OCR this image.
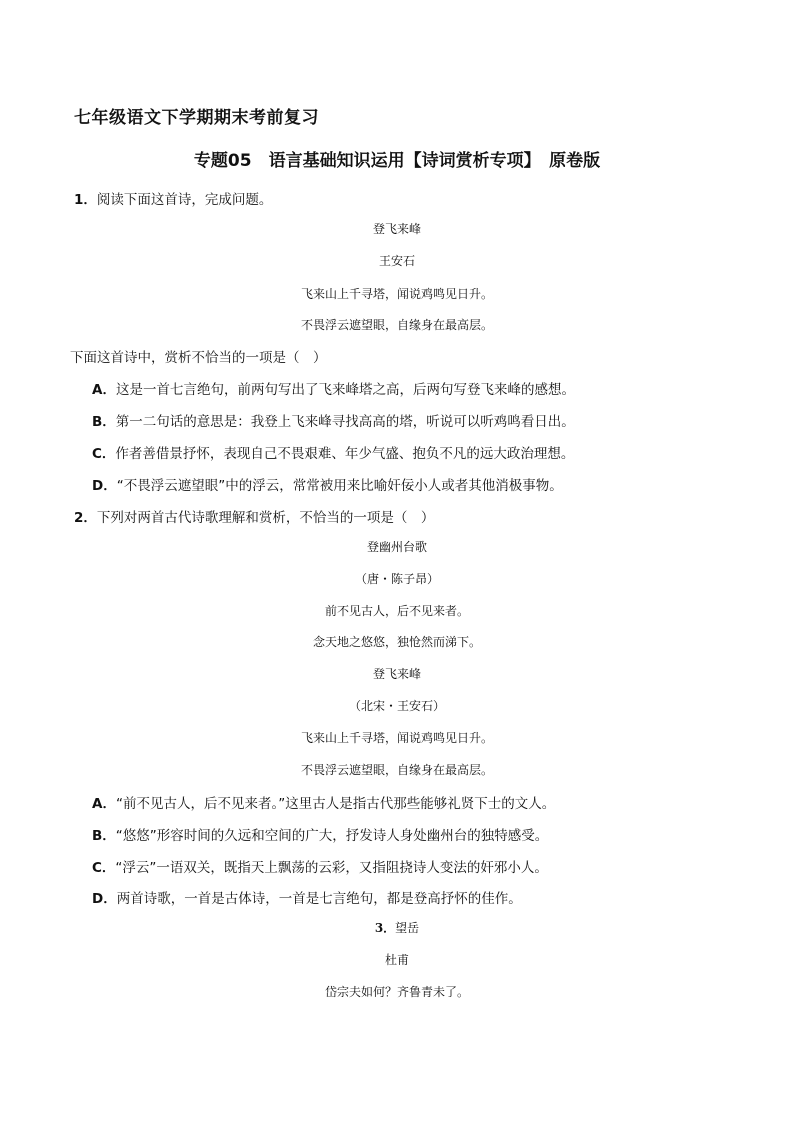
七年级语文下学期期末考前复习
专题05　语言基础知识运用【诗词赏析专项】　原卷版
1．阅读下面这首诗，完成问题。
登飞来峰
王安石
飞来山上千寻塔，闻说鸡鸣见日升。
不畏浮云遮望眼，自缘身在最高层。
下面这首诗中，赏析不恰当的一项是（　）
A．这是一首七言绝句，前两句写出了飞来峰塔之高，后两句写登飞来峰的感想。
B．第一二句话的意思是：我登上飞来峰寻找高高的塔，听说可以听鸡鸣看日出。
C．作者善借景抒怀，表现自己不畏艰难、年少气盛、抱负不凡的远大政治理想。
D．“不畏浮云遮望眼”中的浮云，常常被用来比喻奸佞小人或者其他消极事物。
2．下列对两首古代诗歌理解和赏析，不恰当的一项是（　）
登幽州台歌
（唐・陈子昂）
前不见古人，后不见来者。
念天地之悠悠，独怆然而涕下。
登飞来峰
（北宋・王安石）
飞来山上千寻塔，闻说鸡鸣见日升。
不畏浮云遮望眼，自缘身在最高层。
A．“前不见古人，后不见来者。”这里古人是指古代那些能够礼贤下士的文人。
B．“悠悠”形容时间的久远和空间的广大，抒发诗人身处幽州台的独特感受。
C．“浮云”一语双关，既指天上飘荡的云彩，又指阻挠诗人变法的奸邪小人。
D．两首诗歌，一首是古体诗，一首是七言绝句，都是登高抒怀的佳作。
3．望岳
杜甫
岱宗夫如何？齐鲁青未了。
